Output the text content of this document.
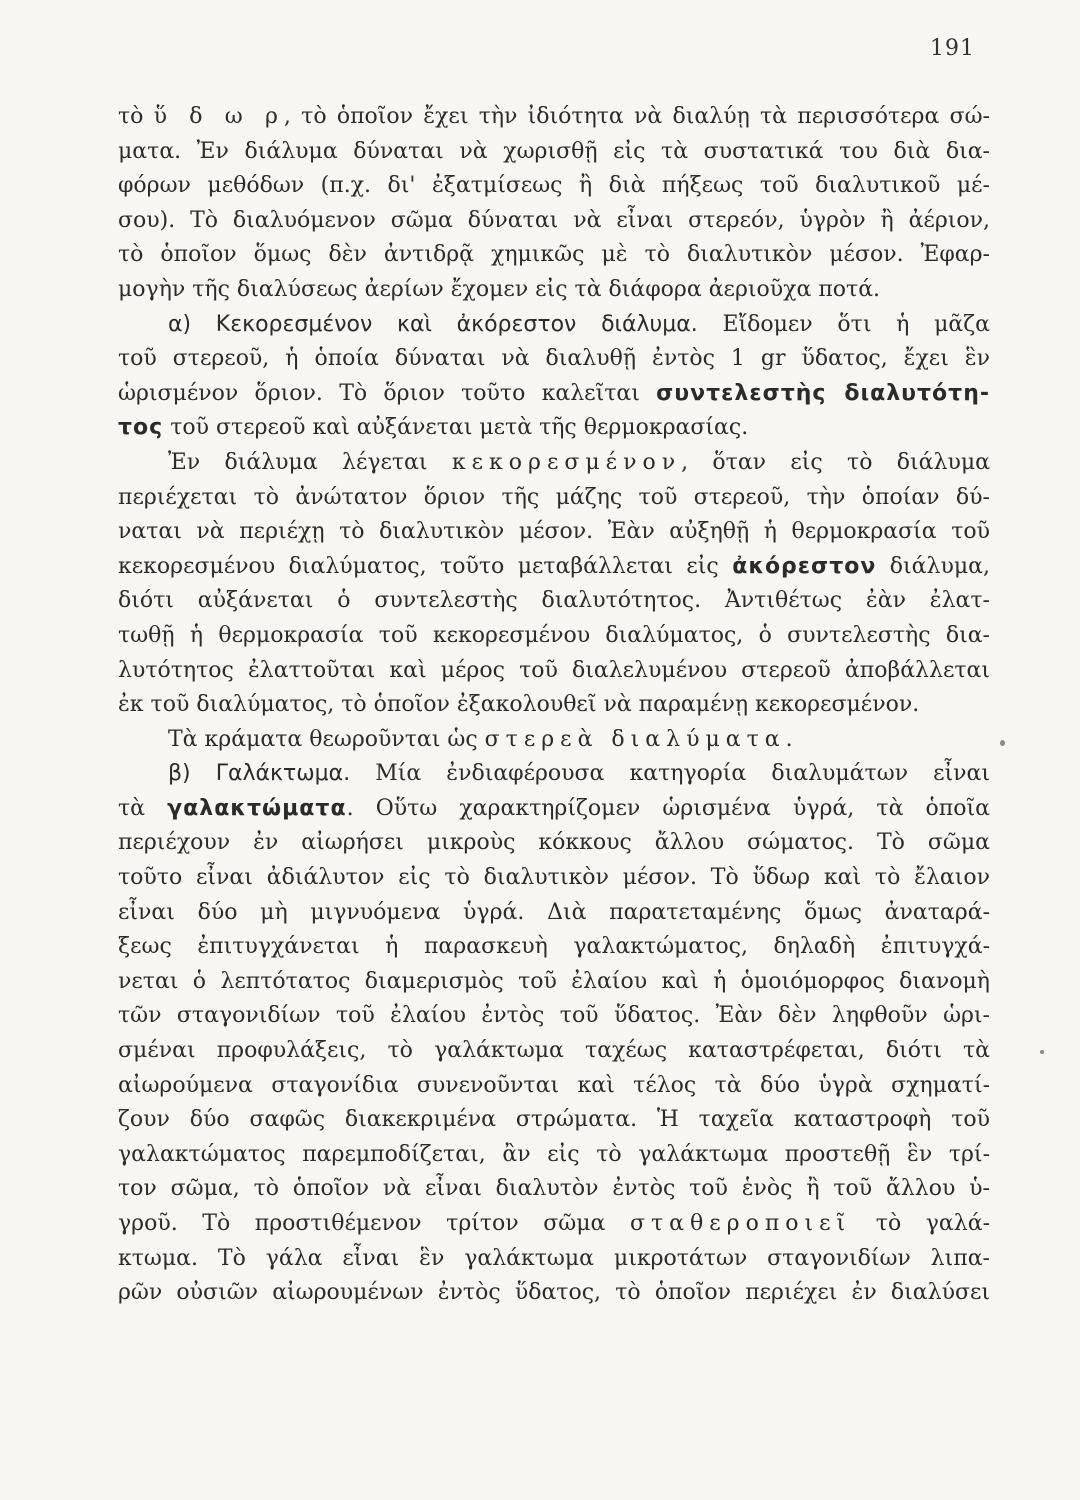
191
τὸ ὕ δ ω ρ, τὸ ὁποῖον ἔχει τὴν ἰδιότητα νὰ διαλύῃ τὰ περισσότερα σώ-
ματα. Ἐν διάλυμα δύναται νὰ χωρισθῇ εἰς τὰ συστατικά του διὰ δια-
φόρων μεθόδων (π.χ. δι' ἐξατμίσεως ἢ διὰ πήξεως τοῦ διαλυτικοῦ μέ-
σου). Τὸ διαλυόμενον σῶμα δύναται νὰ εἶναι στερεόν, ὑγρὸν ἢ ἀέριον,
τὸ ὁποῖον ὅμως δὲν ἀντιδρᾷ χημικῶς μὲ τὸ διαλυτικὸν μέσον. Ἐφαρ-
μογὴν τῆς διαλύσεως ἀερίων ἔχομεν εἰς τὰ διάφορα ἀεριοῦχα ποτά.
α) Κεκορεσμένον καὶ ἀκόρεστον διάλυμα. Εἴδομεν ὅτι ἡ μᾶζα
τοῦ στερεοῦ, ἡ ὁποία δύναται νὰ διαλυθῇ ἐντὸς 1 gr ὕδατος, ἔχει ἓν
ὡρισμένον ὅριον. Τὸ ὅριον τοῦτο καλεῖται συντελεστὴς διαλυτότη-
τος τοῦ στερεοῦ καὶ αὐξάνεται μετὰ τῆς θερμοκρασίας.
Ἐν διάλυμα λέγεται κεκορεσμένον, ὅταν εἰς τὸ διάλυμα
περιέχεται τὸ ἀνώτατον ὅριον τῆς μάζης τοῦ στερεοῦ, τὴν ὁποίαν δύ-
ναται νὰ περιέχῃ τὸ διαλυτικὸν μέσον. Ἐὰν αὐξηθῇ ἡ θερμοκρασία τοῦ
κεκορεσμένου διαλύματος, τοῦτο μεταβάλλεται εἰς ἀκόρεστον διάλυμα,
διότι αὐξάνεται ὁ συντελεστὴς διαλυτότητος. Ἀντιθέτως ἐὰν ἐλατ-
τωθῇ ἡ θερμοκρασία τοῦ κεκορεσμένου διαλύματος, ὁ συντελεστὴς δια-
λυτότητος ἐλαττοῦται καὶ μέρος τοῦ διαλελυμένου στερεοῦ ἀποβάλλεται
ἐκ τοῦ διαλύματος, τὸ ὁποῖον ἐξακολουθεῖ νὰ παραμένῃ κεκορεσμένον.
Τὰ κράματα θεωροῦνται ὡς στερεὰ διαλύματα.
β) Γαλάκτωμα. Μία ἐνδιαφέρουσα κατηγορία διαλυμάτων εἶναι
τὰ γαλακτώματα. Οὕτω χαρακτηρίζομεν ὡρισμένα ὑγρά, τὰ ὁποῖα
περιέχουν ἐν αἰωρήσει μικροὺς κόκκους ἄλλου σώματος. Τὸ σῶμα
τοῦτο εἶναι ἀδιάλυτον εἰς τὸ διαλυτικὸν μέσον. Τὸ ὕδωρ καὶ τὸ ἔλαιον
εἶναι δύο μὴ μιγνυόμενα ὑγρά. Διὰ παρατεταμένης ὅμως ἀναταρά-
ξεως ἐπιτυγχάνεται ἡ παρασκευὴ γαλακτώματος, δηλαδὴ ἐπιτυγχά-
νεται ὁ λεπτότατος διαμερισμὸς τοῦ ἐλαίου καὶ ἡ ὁμοιόμορφος διανομὴ
τῶν σταγονιδίων τοῦ ἐλαίου ἐντὸς τοῦ ὕδατος. Ἐὰν δὲν ληφθοῦν ὡρι-
σμέναι προφυλάξεις, τὸ γαλάκτωμα ταχέως καταστρέφεται, διότι τὰ
αἰωρούμενα σταγονίδια συνενοῦνται καὶ τέλος τὰ δύο ὑγρὰ σχηματί-
ζουν δύο σαφῶς διακεκριμένα στρώματα. Ἡ ταχεῖα καταστροφὴ τοῦ
γαλακτώματος παρεμποδίζεται, ἂν εἰς τὸ γαλάκτωμα προστεθῇ ἓν τρί-
τον σῶμα, τὸ ὁποῖον νὰ εἶναι διαλυτὸν ἐντὸς τοῦ ἑνὸς ἢ τοῦ ἄλλου ὑ-
γροῦ. Τὸ προστιθέμενον τρίτον σῶμα σταθεροποιεῖ τὸ γαλά-
κτωμα. Τὸ γάλα εἶναι ἓν γαλάκτωμα μικροτάτων σταγονιδίων λιπα-
ρῶν οὐσιῶν αἰωρουμένων ἐντὸς ὕδατος, τὸ ὁποῖον περιέχει ἐν διαλύσει
